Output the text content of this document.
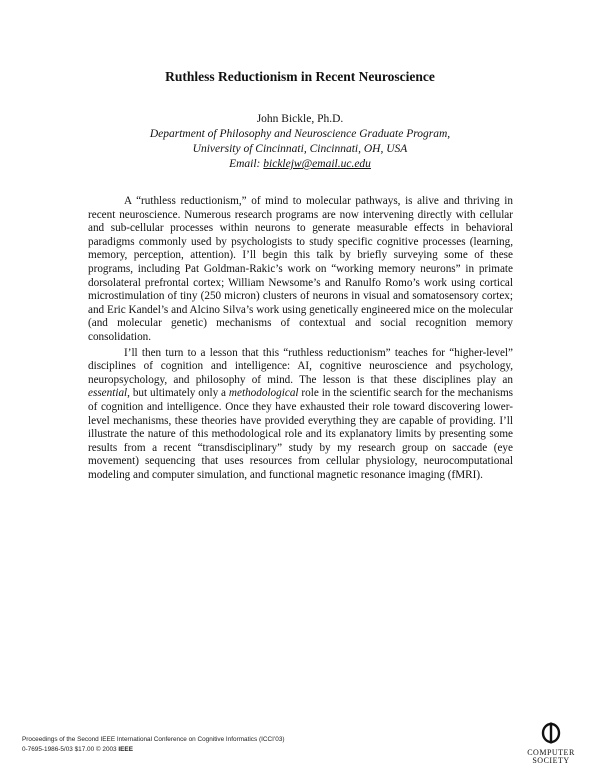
Ruthless Reductionism in Recent Neuroscience
John Bickle, Ph.D.
Department of Philosophy and Neuroscience Graduate Program,
University of Cincinnati, Cincinnati, OH, USA
Email: bicklejw@email.uc.edu

A “ruthless reductionism,” of mind to molecular pathways, is alive and thriving in recent neuroscience. Numerous research programs are now intervening directly with cellular and sub-cellular processes within neurons to generate measurable effects in behavioral paradigms commonly used by psychologists to study specific cognitive processes (learning, memory, perception, attention). I’ll begin this talk by briefly surveying some of these programs, including Pat Goldman-Rakic’s work on “working memory neurons” in primate dorsolateral prefrontal cortex; William Newsome’s and Ranulfo Romo’s work using cortical microstimulation of tiny (250 micron) clusters of neurons in visual and somatosensory cortex; and Eric Kandel’s and Alcino Silva’s work using genetically engineered mice on the molecular (and molecular genetic) mechanisms of contextual and social recognition memory consolidation.

I’ll then turn to a lesson that this “ruthless reductionism” teaches for “higher-level” disciplines of cognition and intelligence: AI, cognitive neuroscience and psychology, neuropsychology, and philosophy of mind. The lesson is that these disciplines play an essential, but ultimately only a methodological role in the scientific search for the mechanisms of cognition and intelligence. Once they have exhausted their role toward discovering lower-level mechanisms, these theories have provided everything they are capable of providing. I’ll illustrate the nature of this methodological role and its explanatory limits by presenting some results from a recent “transdisciplinary” study by my research group on saccade (eye movement) sequencing that uses resources from cellular physiology, neurocomputational modeling and computer simulation, and functional magnetic resonance imaging (fMRI).

Proceedings of the Second IEEE International Conference on Cognitive Informatics (ICCI’03)
0-7695-1986-5/03 $17.00 © 2003 IEEE	COMPUTER
SOCIETY
